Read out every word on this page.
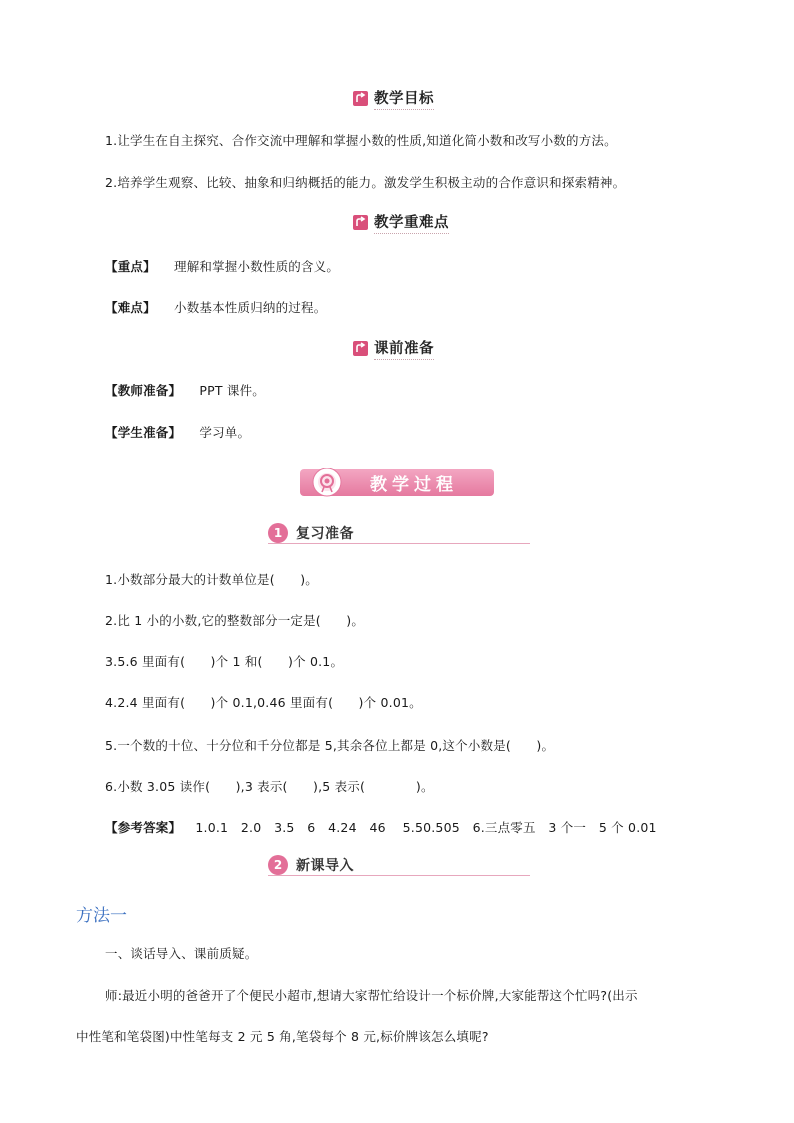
教学目标
1.让学生在自主探究、合作交流中理解和掌握小数的性质,知道化简小数和改写小数的方法。
2.培养学生观察、比较、抽象和归纳概括的能力。激发学生积极主动的合作意识和探索精神。
教学重难点
【重点】 理解和掌握小数性质的含义。
【难点】 小数基本性质归纳的过程。
课前准备
【教师准备】 PPT 课件。
【学生准备】 学习单。
教学过程
1 复习准备
1.小数部分最大的计数单位是(　　)。
2.比 1 小的小数,它的整数部分一定是(　　)。
3.5.6 里面有(　　)个 1 和(　　)个 0.1。
4.2.4 里面有(　　)个 0.1,0.46 里面有(　　)个 0.01。
5.一个数的十位、十分位和千分位都是 5,其余各位上都是 0,这个小数是(　　)。
6.小数 3.05 读作(　　),3 表示(　　),5 表示(　　　　)。
【参考答案】 1.0.1　2.0　3.5　6　4.24　46　 5.50.505　6.三点零五　3 个一　5 个 0.01
2 新课导入
方法一
一、谈话导入、课前质疑。
师:最近小明的爸爸开了个便民小超市,想请大家帮忙给设计一个标价牌,大家能帮这个忙吗?(出示
中性笔和笔袋图)中性笔每支 2 元 5 角,笔袋每个 8 元,标价牌该怎么填呢?
